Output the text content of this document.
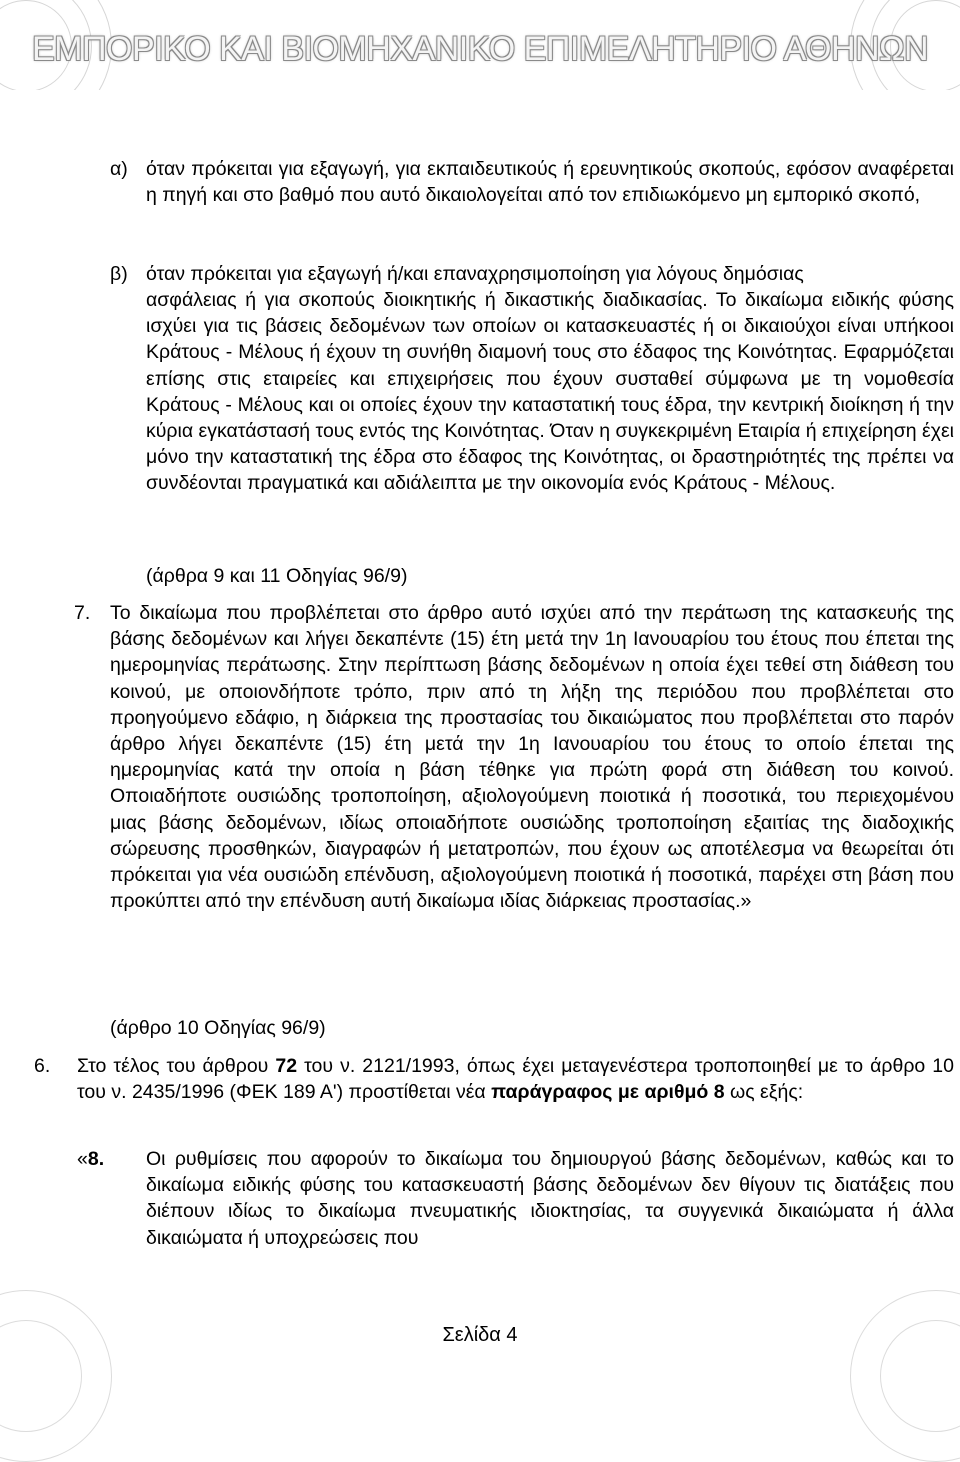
ΕΜΠΟΡΙΚΟ ΚΑΙ ΒΙΟΜΗΧΑΝΙΚΟ ΕΠΙΜΕΛΗΤΗΡΙΟ ΑΘΗΝΩΝ
α) όταν πρόκειται για εξαγωγή, για εκπαιδευτικούς ή ερευνητικούς σκοπούς, εφόσον αναφέρεται η πηγή και στο βαθμό που αυτό δικαιολογείται από τον επιδιωκόμενο μη εμπορικό σκοπό,
β) όταν πρόκειται για εξαγωγή ή/και επαναχρησιμοποίηση για λόγους δημόσιας
ασφάλειας ή για σκοπούς διοικητικής ή δικαστικής διαδικασίας. Το δικαίωμα ειδικής φύσης ισχύει για τις βάσεις δεδομένων των οποίων οι κατασκευαστές ή οι δικαιούχοι είναι υπήκοοι Κράτους - Μέλους ή έχουν τη συνήθη διαμονή τους στο έδαφος της Κοινότητας. Εφαρμόζεται επίσης στις εταιρείες και επιχειρήσεις που έχουν συσταθεί σύμφωνα με τη νομοθεσία Κράτους - Μέλους και οι οποίες έχουν την καταστατική τους έδρα, την κεντρική διοίκηση ή την κύρια εγκατάστασή τους εντός της Κοινότητας. Όταν η συγκεκριμένη Εταιρία ή επιχείρηση έχει μόνο την καταστατική της έδρα στο έδαφος της Κοινότητας, οι δραστηριότητές της πρέπει να συνδέονται πραγματικά και αδιάλειπτα με την οικονομία ενός Κράτους - Μέλους.
(άρθρα 9 και 11 Οδηγίας 96/9)
7. Το δικαίωμα που προβλέπεται στο άρθρο αυτό ισχύει από την περάτωση της κατασκευής της βάσης δεδομένων και λήγει δεκαπέντε (15) έτη μετά την 1η Ιανουαρίου του έτους που έπεται της ημερομηνίας περάτωσης. Στην περίπτωση βάσης δεδομένων η οποία έχει τεθεί στη διάθεση του κοινού, με οποιονδήποτε τρόπο, πριν από τη λήξη της περιόδου που προβλέπεται στο προηγούμενο εδάφιο, η διάρκεια της προστασίας του δικαιώματος που προβλέπεται στο παρόν άρθρο λήγει δεκαπέντε (15) έτη μετά την 1η Ιανουαρίου του έτους το οποίο έπεται της ημερομηνίας κατά την οποία η βάση τέθηκε για πρώτη φορά στη διάθεση του κοινού. Οποιαδήποτε ουσιώδης τροποποίηση, αξιολογούμενη ποιοτικά ή ποσοτικά, του περιεχομένου μιας βάσης δεδομένων, ιδίως οποιαδήποτε ουσιώδης τροποποίηση εξαιτίας της διαδοχικής σώρευσης προσθηκών, διαγραφών ή μετατροπών, που έχουν ως αποτέλεσμα να θεωρείται ότι πρόκειται για νέα ουσιώδη επένδυση, αξιολογούμενη ποιοτικά ή ποσοτικά, παρέχει στη βάση που προκύπτει από την επένδυση αυτή δικαίωμα ιδίας διάρκειας προστασίας.»
(άρθρο 10 Οδηγίας 96/9)
6. Στο τέλος του άρθρου 72 του ν. 2121/1993, όπως έχει μεταγενέστερα τροποποιηθεί με το άρθρο 10 του ν. 2435/1996 (ΦΕΚ 189 Α') προστίθεται νέα παράγραφος με αριθμό 8 ως εξής:
«8. Οι ρυθμίσεις που αφορούν το δικαίωμα του δημιουργού βάσης δεδομένων, καθώς και το δικαίωμα ειδικής φύσης του κατασκευαστή βάσης δεδομένων δεν θίγουν τις διατάξεις που διέπουν ιδίως το δικαίωμα πνευματικής ιδιοκτησίας, τα συγγενικά δικαιώματα ή άλλα δικαιώματα ή υποχρεώσεις που
Σελίδα 4
